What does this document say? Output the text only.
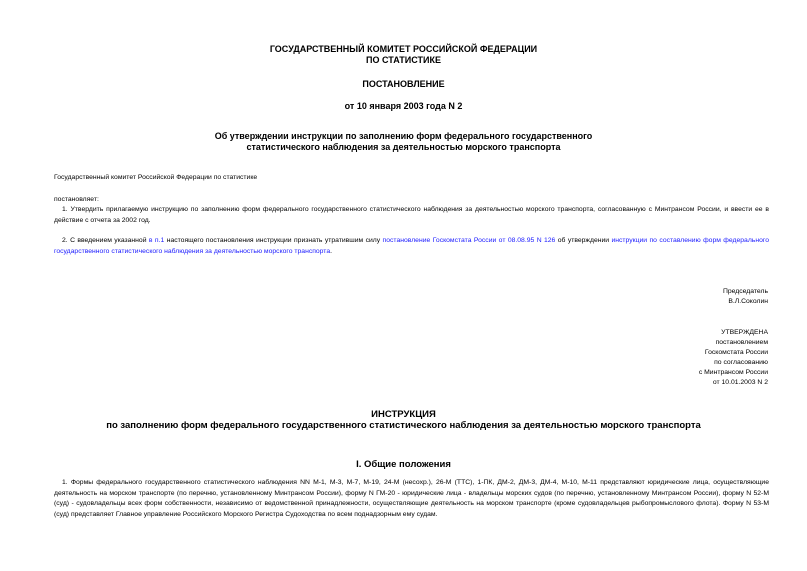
ГОСУДАРСТВЕННЫЙ КОМИТЕТ РОССИЙСКОЙ ФЕДЕРАЦИИ
ПО СТАТИСТИКЕ
ПОСТАНОВЛЕНИЕ
от 10 января 2003 года N 2
Об утверждении инструкции по заполнению форм федерального государственного
статистического наблюдения за деятельностью морского транспорта
Государственный комитет Российской Федерации по статистике
постановляет:
1. Утвердить прилагаемую инструкцию по заполнению форм федерального государственного статистического наблюдения за деятельностью морского транспорта, согласованную с Минтрансом России, и ввести ее в действие с отчета за 2002 год.
2. С введением указанной в п.1 настоящего постановления инструкции признать утратившим силу постановление Госкомстата России от 08.08.95 N 126 об утверждении инструкции по составлению форм федерального государственного статистического наблюдения за деятельностью морского транспорта.
Председатель
В.Л.Соколин
УТВЕРЖДЕНА
постановлением
Госкомстата России
по согласованию
с Минтрансом России
от 10.01.2003 N 2
ИНСТРУКЦИЯ
по заполнению форм федерального государственного статистического наблюдения за деятельностью морского транспорта
I. Общие положения
1. Формы федерального государственного статистического наблюдения NN М-1, М-3, М-7, М-19, 24-М (несохр.), 26-М (ТТС), 1-ПК, ДМ-2, ДМ-3, ДМ-4, М-10, М-11 представляют юридические лица, осуществляющие деятельность на морском транспорте (по перечню, установленному Минтрансом России), форму N ГМ-20 - юридические лица - владельцы морских судов (по перечню, установленному Минтрансом России), форму N 52-М (суд) - судовладельцы всех форм собственности, независимо от ведомственной принадлежности, осуществляющие деятельность на морском транспорте (кроме судовладельцев рыбопромыслового флота). Форму N 53-М (суд) представляет Главное управление Российского Морского Регистра Судоходства по всем поднадзорным ему судам.
